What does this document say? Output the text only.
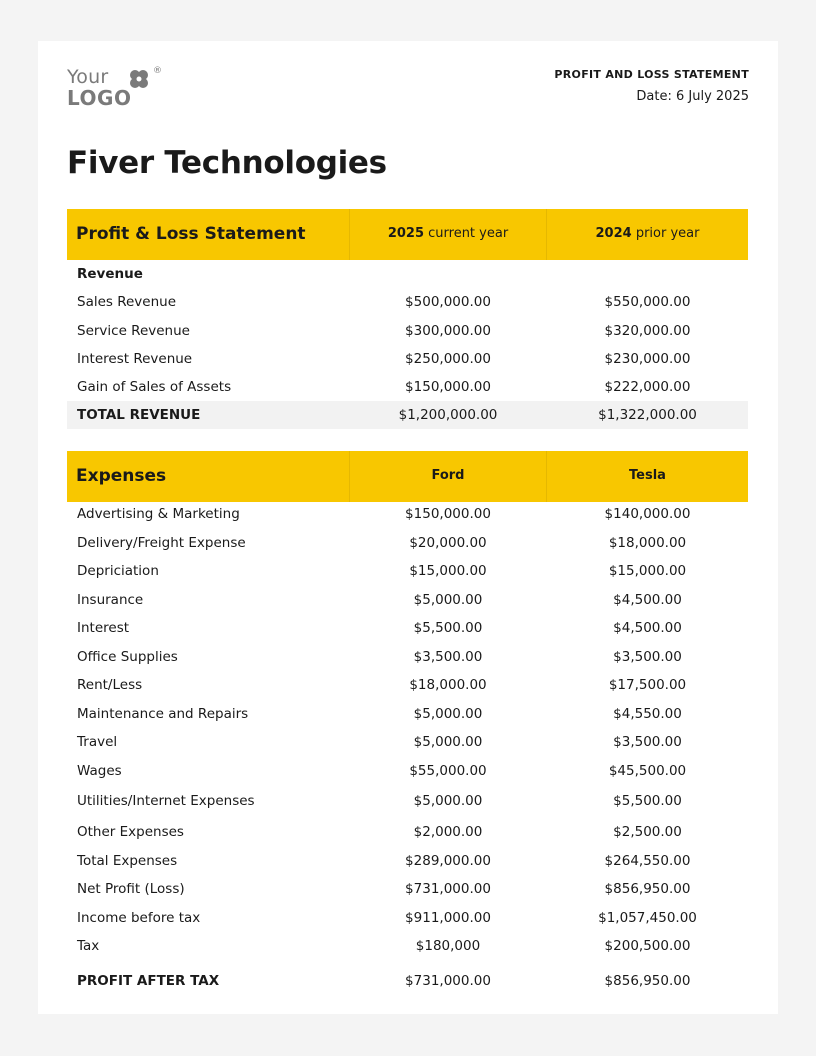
Your	®
LOGO
PROFIT AND LOSS STATEMENT
Date: 6 July 2025
Fiver Technologies
Profit & Loss Statement	2025 current year	2024 prior year
Revenue
Sales Revenue	$500,000.00	$550,000.00
Service Revenue	$300,000.00	$320,000.00
Interest Revenue	$250,000.00	$230,000.00
Gain of Sales of Assets	$150,000.00	$222,000.00
TOTAL REVENUE	$1,200,000.00	$1,322,000.00
Expenses	Ford	Tesla
Advertising & Marketing	$150,000.00	$140,000.00
Delivery/Freight Expense	$20,000.00	$18,000.00
Depriciation	$15,000.00	$15,000.00
Insurance	$5,000.00	$4,500.00
Interest	$5,500.00	$4,500.00
Office Supplies	$3,500.00	$3,500.00
Rent/Less	$18,000.00	$17,500.00
Maintenance and Repairs	$5,000.00	$4,550.00
Travel	$5,000.00	$3,500.00
Wages	$55,000.00	$45,500.00
Utilities/Internet Expenses	$5,000.00	$5,500.00
Other Expenses	$2,000.00	$2,500.00
Total Expenses	$289,000.00	$264,550.00
Net Profit (Loss)	$731,000.00	$856,950.00
Income before tax	$911,000.00	$1,057,450.00
Tax	$180,000	$200,500.00
PROFIT AFTER TAX	$731,000.00	$856,950.00
